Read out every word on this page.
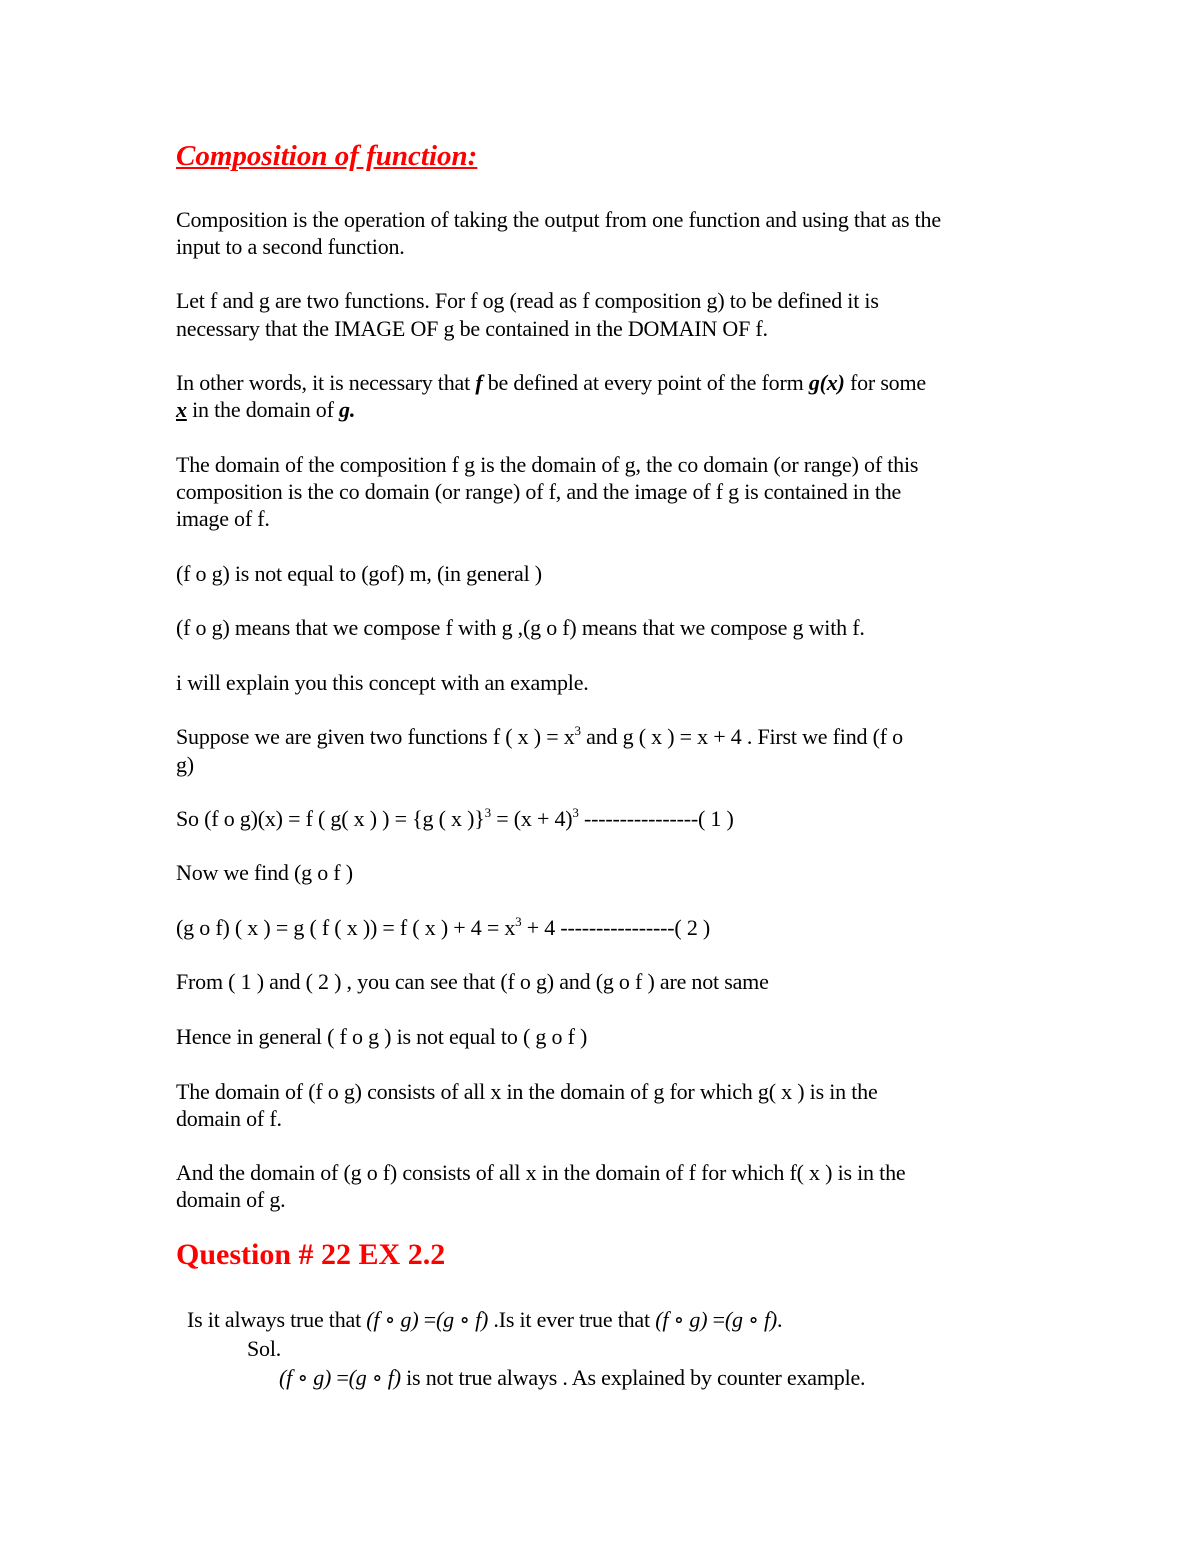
Composition of function:
Composition is the operation of taking the output from one function and using that as the
input to a second function.
Let f and g are two functions. For f og (read as f composition g) to be defined it is
necessary that the IMAGE OF g be contained in the DOMAIN OF f.
In other words, it is necessary that f be defined at every point of the form g(x) for some
x in the domain of g.
The domain of the composition f g is the domain of g, the co domain (or range) of this
composition is the co domain (or range) of f, and the image of f g is contained in the
image of f.
(f o g) is not equal to (gof) m, (in general )
(f o g) means that we compose f with g ,(g o f) means that we compose g with f.
i will explain you this concept with an example.
Suppose we are given two functions f ( x ) = $x^3$ and g ( x ) = x + 4 . First we find (f o
g)
So (f o g)(x) = f ( g( x ) ) = {g ( x )}$^3 = (x + 4)^3$ ----------------( 1 )
Now we find (g o f )
(g o f) ( x ) = g ( f ( x )) = f ( x ) + $4 = x^3 + 4$ ----------------( 2 )
From ( 1 ) and ( 2 ) , you can see that (f o g) and (g o f ) are not same
Hence in general ( f o g ) is not equal to ( g o f )
The domain of (f o g) consists of all x in the domain of g for which g( x ) is in the
domain of f.
And the domain of (g o f) consists of all x in the domain of f for which f( x ) is in the
domain of g.
Question # 22 EX 2.2
Is it always true that (f ∘ g) =(g ∘ f) .Is it ever true that (f ∘ g) =(g ∘ f).
Sol.
(f ∘ g) =(g ∘ f) is not true always . As explained by counter example.
